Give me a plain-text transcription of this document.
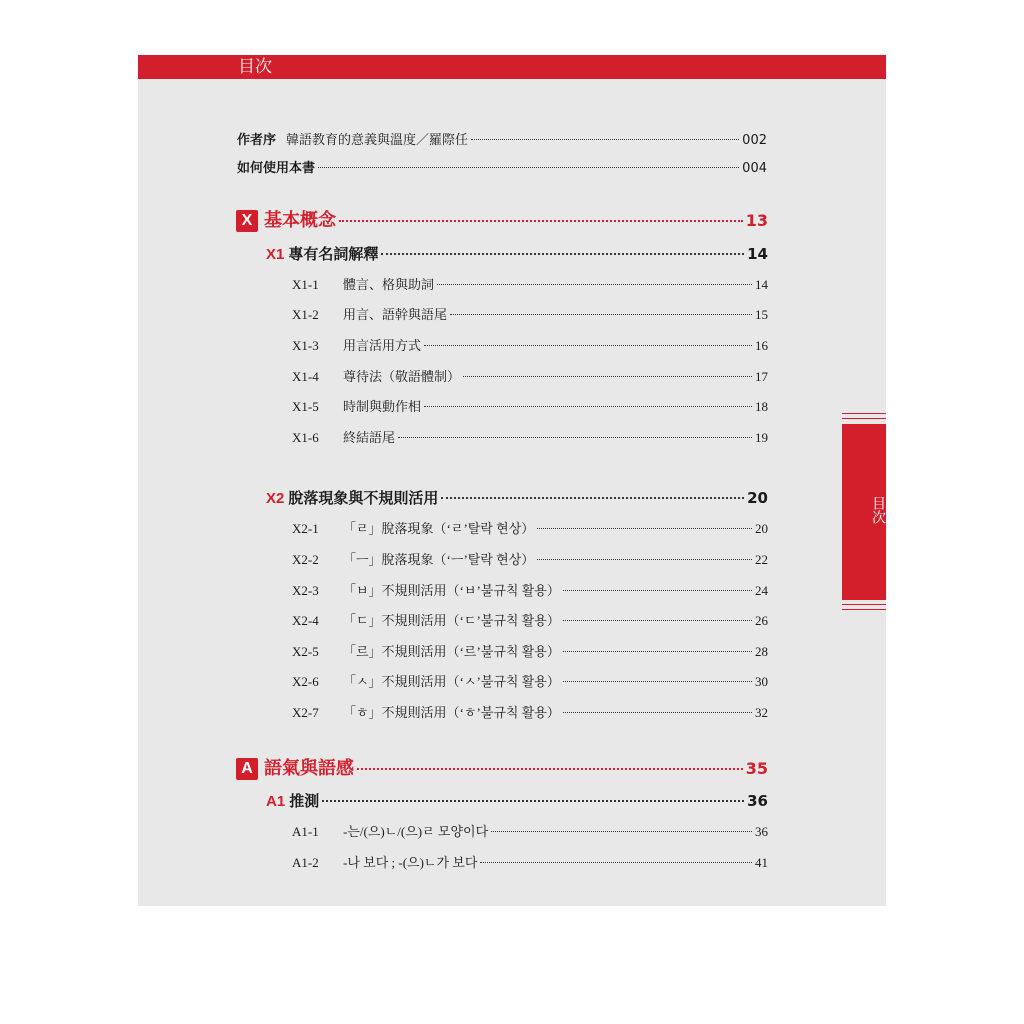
目次
目次
作者序 韓語教育的意義與溫度／羅際任	002
如何使用本書	004
X 基本概念	13
X1 專有名詞解釋	14
X1-1	體言、格與助詞	14
X1-2	用言、語幹與語尾	15
X1-3	用言活用方式	16
X1-4	尊待法（敬語體制）	17
X1-5	時制與動作相	18
X1-6	終結語尾	19
X2 脫落現象與不規則活用	20
X2-1	「ㄹ」脫落現象（‘ㄹ’탈락 현상）	20
X2-2	「ㅡ」脫落現象（‘ㅡ’탈락 현상）	22
X2-3	「ㅂ」不規則活用（‘ㅂ’불규칙 활용）	24
X2-4	「ㄷ」不規則活用（‘ㄷ’불규칙 활용）	26
X2-5	「르」不規則活用（‘르’불규칙 활용）	28
X2-6	「ㅅ」不規則活用（‘ㅅ’불규칙 활용）	30
X2-7	「ㅎ」不規則活用（‘ㅎ’불규칙 활용）	32
A 語氣與語感	35
A1 推測	36
A1-1	-는/(으)ㄴ/(으)ㄹ 모양이다	36
A1-2	-나 보다 ; -(으)ㄴ가 보다	41
